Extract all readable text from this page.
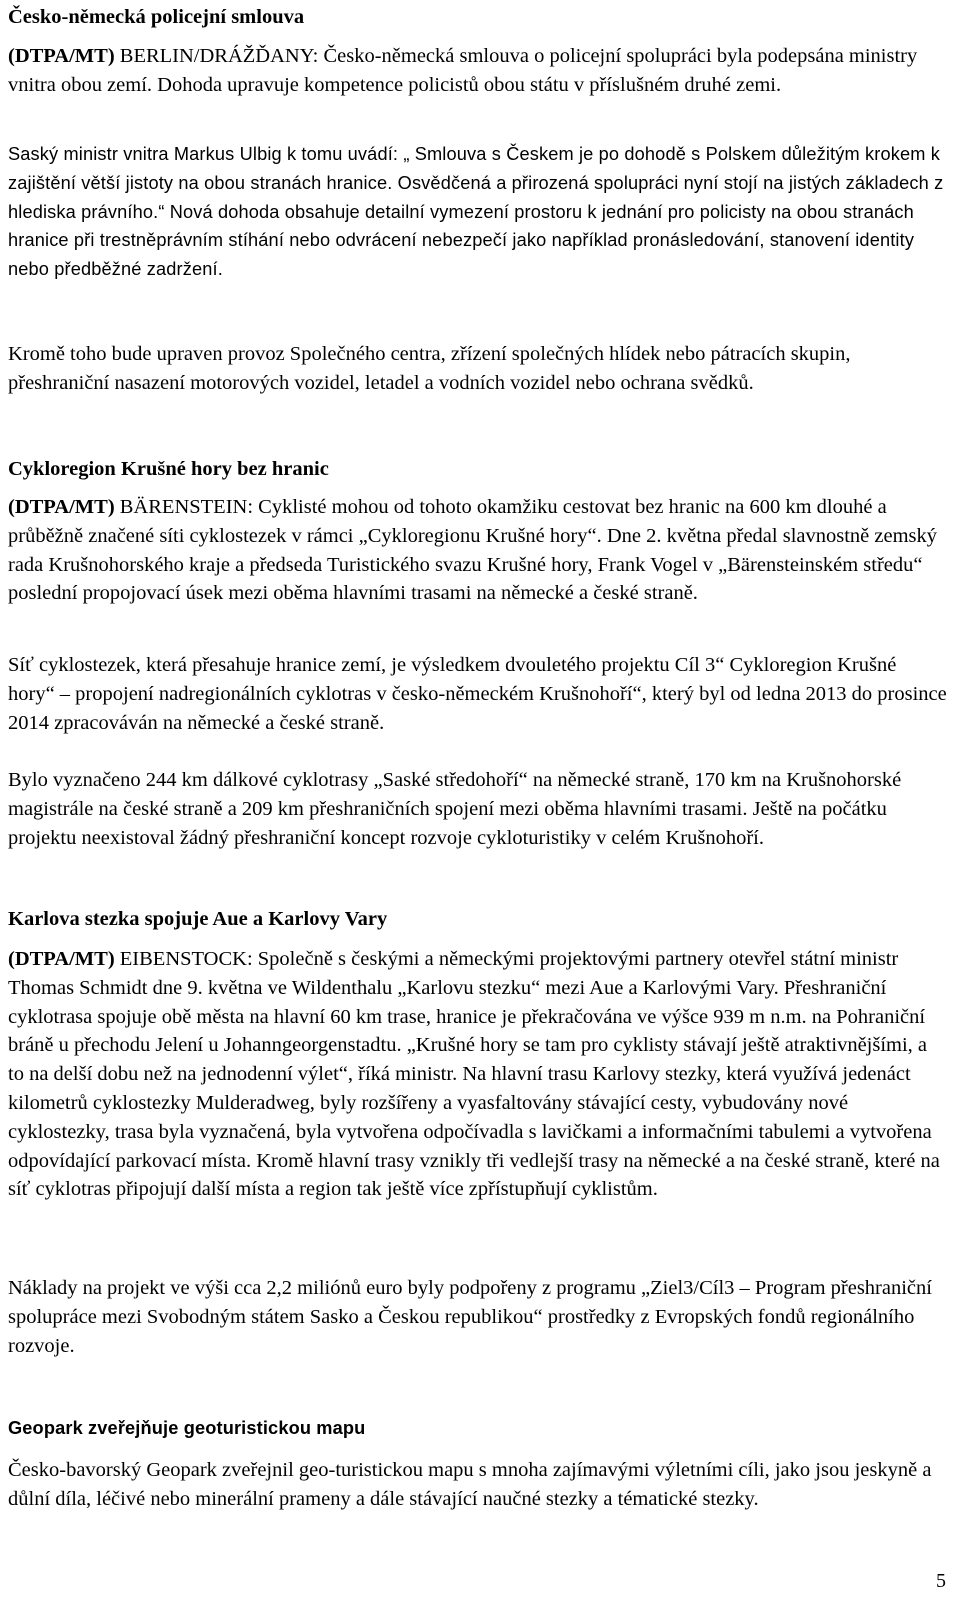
Česko-německá policejní smlouva

(DTPA/MT) BERLIN/DRÁŽĎANY: Česko-německá smlouva o policejní spolupráci byla podepsána ministry vnitra obou zemí. Dohoda upravuje kompetence policistů obou státu v příslušném druhé zemi.

Saský ministr vnitra Markus Ulbig k tomu uvádí: „ Smlouva s Českem je po dohodě s Polskem důležitým krokem k zajištění větší jistoty na obou stranách hranice. Osvědčená a přirozená spolupráci nyní stojí na jistých základech z hlediska právního.“ Nová dohoda obsahuje detailní vymezení prostoru k jednání pro policisty na obou stranách hranice při trestněprávním stíhání nebo odvrácení nebezpečí jako například pronásledování, stanovení identity nebo předběžné zadržení.

Kromě toho bude upraven provoz Společného centra, zřízení společných hlídek nebo pátracích skupin, přeshraniční nasazení motorových vozidel, letadel a vodních vozidel nebo ochrana svědků.

Cykloregion Krušné hory bez hranic

(DTPA/MT) BÄRENSTEIN: Cyklisté mohou od tohoto okamžiku cestovat bez hranic na 600 km dlouhé a průběžně značené síti cyklostezek v rámci „Cykloregionu Krušné hory“. Dne 2. května předal slavnostně zemský rada Krušnohorského kraje a předseda Turistického svazu Krušné hory, Frank Vogel v „Bärensteinském středu“ poslední propojovací úsek mezi oběma hlavními trasami na německé a české straně.

Síť cyklostezek, která přesahuje hranice zemí, je výsledkem dvouletého projektu Cíl 3“ Cykloregion Krušné hory“ – propojení nadregionálních cyklotras v česko-německém Krušnohoří“, který byl od ledna 2013 do prosince 2014 zpracováván na německé a české straně.

Bylo vyznačeno 244 km dálkové cyklotrasy „Saské středohoří“ na německé straně, 170 km na Krušnohorské magistrále na české straně a 209 km přeshraničních spojení mezi oběma hlavními trasami. Ještě na počátku projektu neexistoval žádný přeshraniční koncept rozvoje cykloturistiky v celém Krušnohoří.

Karlova stezka spojuje Aue a Karlovy Vary

(DTPA/MT) EIBENSTOCK: Společně s českými a německými projektovými partnery otevřel státní ministr Thomas Schmidt dne 9. května ve Wildenthalu „Karlovu stezku“ mezi Aue a Karlovými Vary. Přeshraniční cyklotrasa spojuje obě města na hlavní 60 km trase, hranice je překračována ve výšce 939 m n.m. na Pohraniční bráně u přechodu Jelení u Johanngeorgenstadtu. „Krušné hory se tam pro cyklisty stávají ještě atraktivnějšími, a to na delší dobu než na jednodenní výlet“, říká ministr. Na hlavní trasu Karlovy stezky, která využívá jedenáct kilometrů cyklostezky Mulderadweg, byly rozšířeny a vyasfaltovány stávající cesty, vybudovány nové cyklostezky, trasa byla vyznačená, byla vytvořena odpočívadla s lavičkami a informačními tabulemi a vytvořena odpovídající parkovací místa. Kromě hlavní trasy vznikly tři vedlejší trasy na německé a na české straně, které na síť cyklotras připojují další místa a region tak ještě více zpřístupňují cyklistům.

Náklady na projekt ve výši cca 2,2 miliónů euro byly podpořeny z programu „Ziel3/Cíl3 – Program přeshraniční spolupráce mezi Svobodným státem Sasko a Českou republikou“ prostředky z Evropských fondů regionálního rozvoje.

Geopark zveřejňuje geoturistickou mapu

Česko-bavorský Geopark zveřejnil geo-turistickou mapu s mnoha zajímavými výletními cíli, jako jsou jeskyně a důlní díla, léčivé nebo minerální prameny a dále stávající naučné stezky a tématické stezky.

5
